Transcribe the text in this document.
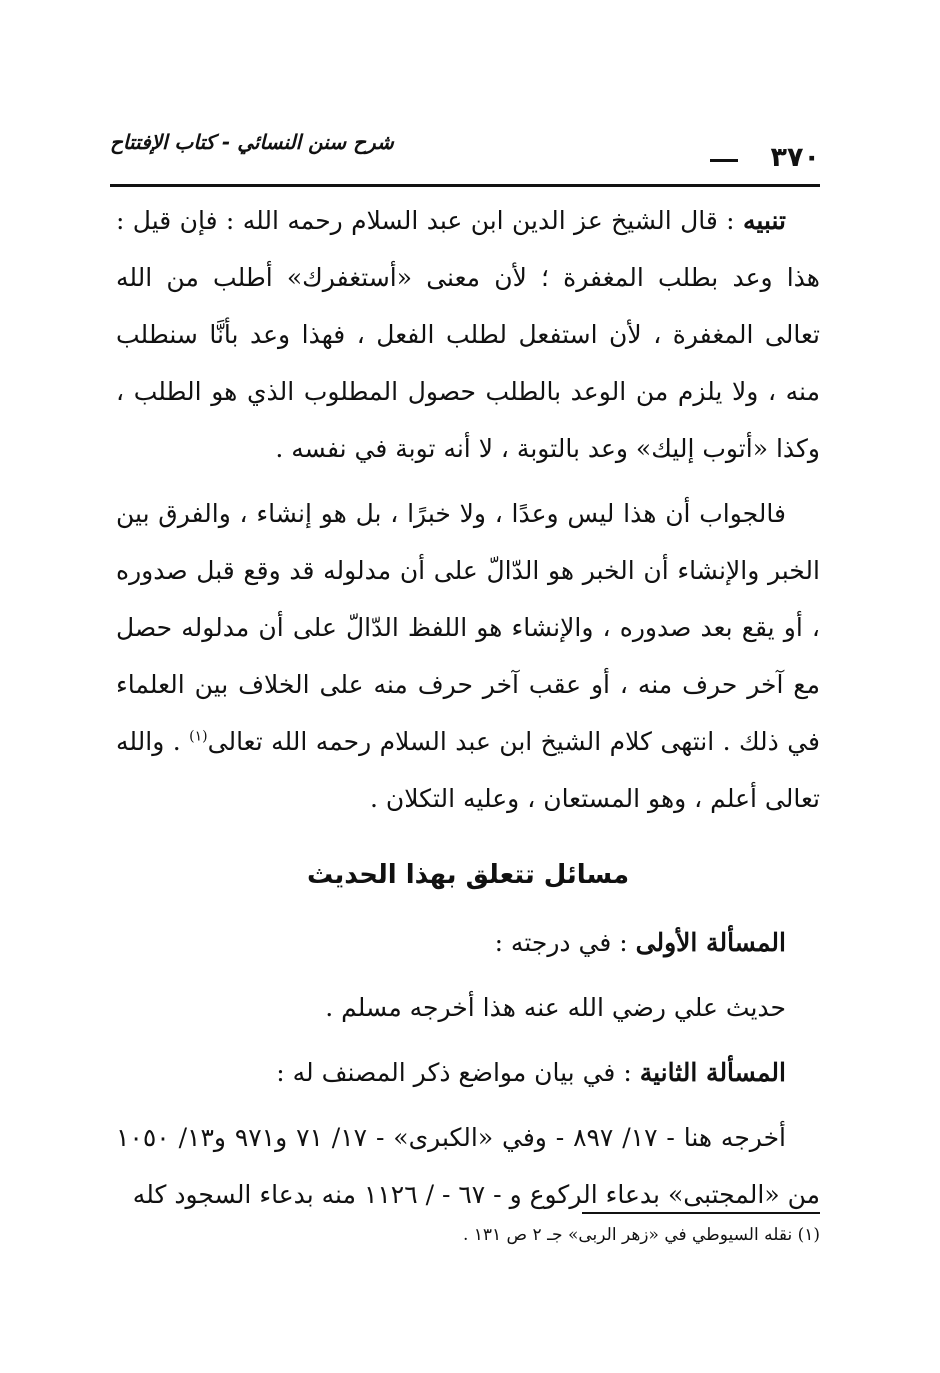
٣٧٠
شرح سنن النسائي - كتاب الإفتتاح

تنبيه : قال الشيخ عز الدين ابن عبد السلام رحمه الله : فإن قيل : هذا وعد بطلب المغفرة ؛ لأن معنى «أستغفرك» أطلب من الله تعالى المغفرة ، لأن استفعل لطلب الفعل ، فهذا وعد بأنَّا سنطلب منه ، ولا يلزم من الوعد بالطلب حصول المطلوب الذي هو الطلب ، وكذا «أتوب إليك» وعد بالتوبة ، لا أنه توبة في نفسه .

فالجواب أن هذا ليس وعدًا ، ولا خبرًا ، بل هو إنشاء ، والفرق بين الخبر والإنشاء أن الخبر هو الدّالّ على أن مدلوله قد وقع قبل صدوره ، أو يقع بعد صدوره ، والإنشاء هو اللفظ الدّالّ على أن مدلوله حصل مع آخر حرف منه ، أو عقب آخر حرف منه على الخلاف بين العلماء في ذلك . انتهى كلام الشيخ ابن عبد السلام رحمه الله تعالى$^{(١)}$ . والله تعالى أعلم ، وهو المستعان ، وعليه التكلان .

مسائل تتعلق بهذا الحديث

المسألة الأولى : في درجته :

حديث علي رضي الله عنه هذا أخرجه مسلم .

المسألة الثانية : في بيان مواضع ذكر المصنف له :

أخرجه هنا - ١٧/ ٨٩٧ - وفي «الكبرى» - ١٧/ ٧١ و٩٧١ و١٣/ ١٠٥٠ من «المجتبى» بدعاء الركوع و - ٦٧ - / ١١٢٦ منه بدعاء السجود كله

(١) نقله السيوطي في «زهر الربى» جـ ٢ ص ١٣١ .
